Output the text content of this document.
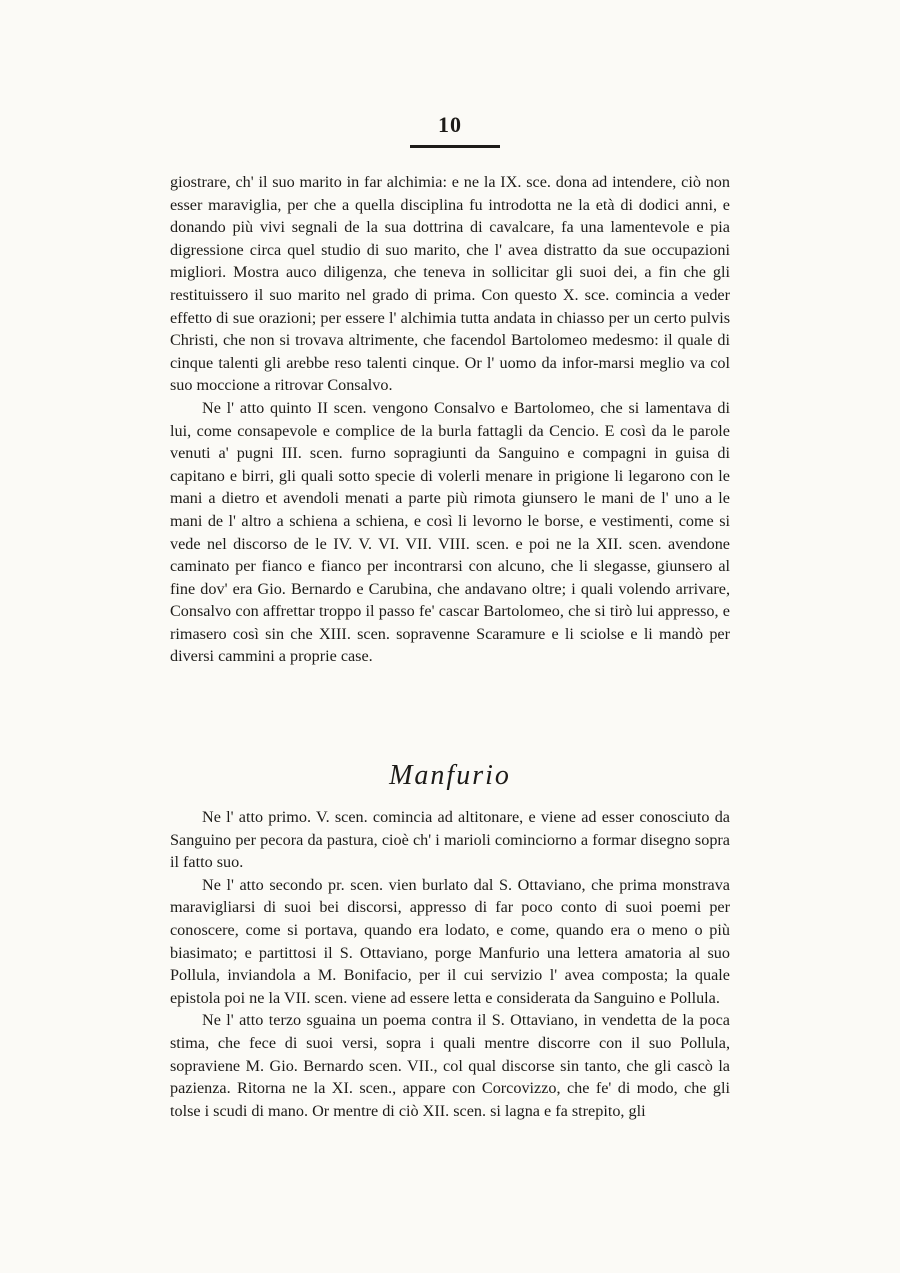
10

giostrare, ch' il suo marito in far alchimia: e ne la IX. sce. dona ad intendere, ciò non esser maraviglia, per che a quella disciplina fu introdotta ne la età di dodici anni, e donando più vivi segnali de la sua dottrina di cavalcare, fa una lamentevole e pia digressione circa quel studio di suo marito, che l' avea distratto da sue occupazioni migliori. Mostra auco diligenza, che teneva in sollicitar gli suoi dei, a fin che gli restituissero il suo marito nel grado di prima. Con questo X. sce. comincia a veder effetto di sue orazioni; per essere l' alchimia tutta andata in chiasso per un certo pulvis Christi, che non si trovava altrimente, che facendol Bartolomeo medesmo: il quale di cinque talenti gli arebbe reso talenti cinque. Or l' uomo da infor-marsi meglio va col suo moccione a ritrovar Consalvo.

Ne l' atto quinto II scen. vengono Consalvo e Bartolomeo, che si lamentava di lui, come consapevole e complice de la burla fattagli da Cencio. E così da le parole venuti a' pugni III. scen. furno sopragiunti da Sanguino e compagni in guisa di capitano e birri, gli quali sotto specie di volerli menare in prigione li legarono con le mani a dietro et avendoli menati a parte più rimota giunsero le mani de l' uno a le mani de l' altro a schiena a schiena, e così li levorno le borse, e vestimenti, come si vede nel discorso de le IV. V. VI. VII. VIII. scen. e poi ne la XII. scen. avendone caminato per fianco e fianco per incontrarsi con alcuno, che li slegasse, giunsero al fine dov' era Gio. Bernardo e Carubina, che andavano oltre; i quali volendo arrivare, Consalvo con affrettar troppo il passo fe' cascar Bartolomeo, che si tirò lui appresso, e rimasero così sin che XIII. scen. sopravenne Scaramure e li sciolse e li mandò per diversi cammini a proprie case.

Manfurio

Ne l' atto primo. V. scen. comincia ad altitonare, e viene ad esser conosciuto da Sanguino per pecora da pastura, cioè ch' i marioli cominciorno a formar disegno sopra il fatto suo.

Ne l' atto secondo pr. scen. vien burlato dal S. Ottaviano, che prima monstrava maravigliarsi di suoi bei discorsi, appresso di far poco conto di suoi poemi per conoscere, come si portava, quando era lodato, e come, quando era o meno o più biasimato; e partittosi il S. Ottaviano, porge Manfurio una lettera amatoria al suo Pollula, inviandola a M. Bonifacio, per il cui servizio l' avea composta; la quale epistola poi ne la VII. scen. viene ad essere letta e considerata da Sanguino e Pollula.

Ne l' atto terzo sguaina un poema contra il S. Ottaviano, in vendetta de la poca stima, che fece di suoi versi, sopra i quali mentre discorre con il suo Pollula, sopraviene M. Gio. Bernardo scen. VII., col qual discorse sin tanto, che gli cascò la pazienza. Ritorna ne la XI. scen., appare con Corcovizzo, che fe' di modo, che gli tolse i scudi di mano. Or mentre di ciò XII. scen. si lagna e fa strepito, gli
